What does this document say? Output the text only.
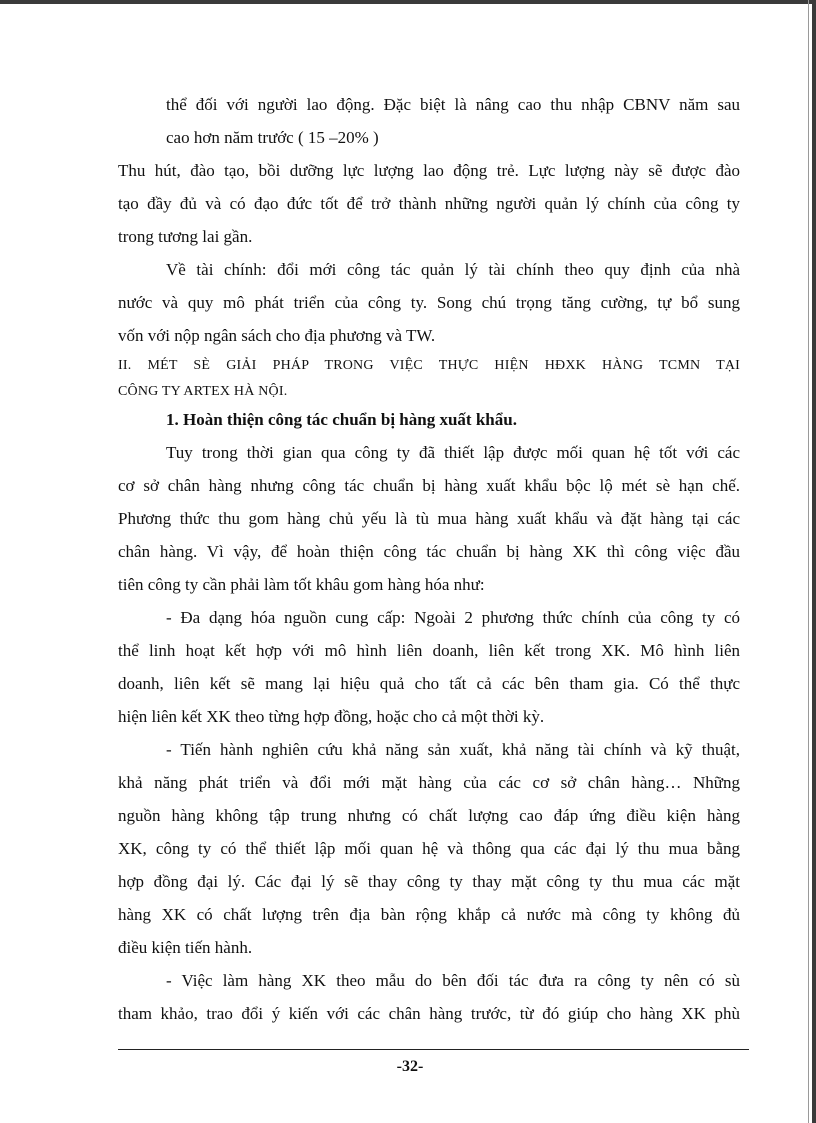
thể đối với người lao động. Đặc biệt là nâng cao thu nhập CBNV năm sau
cao hơn năm trước ( 15 –20% )
Thu hút, đào tạo, bồi dưỡng lực lượng lao động trẻ. Lực lượng này sẽ được đào
tạo đầy đủ và có đạo đức tốt để trở thành những người quản lý chính của công ty
trong tương lai gần.
Về tài chính: đổi mới công tác quản lý tài chính theo quy định của nhà
nước và quy mô phát triển của công ty. Song chú trọng tăng cường, tự bổ sung
vốn với nộp ngân sách cho địa phương và TW.
II. MÉT SÈ GIẢI PHÁP TRONG VIỆC THỰC HIỆN HĐXK HÀNG TCMN TẠI
CÔNG TY ARTEX HÀ NỘI.
1. Hoàn thiện công tác chuẩn bị hàng xuất khẩu.
Tuy trong thời gian qua công ty đã thiết lập được mối quan hệ tốt với các
cơ sở chân hàng nhưng công tác chuẩn bị hàng xuất khẩu bộc lộ mét sè hạn chế.
Phương thức thu gom hàng chủ yếu là tù mua hàng xuất khẩu và đặt hàng tại các
chân hàng. Vì vậy, để hoàn thiện công tác chuẩn bị hàng XK thì công việc đầu
tiên công ty cần phải làm tốt khâu gom hàng hóa như:
- Đa dạng hóa nguồn cung cấp: Ngoài 2 phương thức chính của công ty có
thể linh hoạt kết hợp với mô hình liên doanh, liên kết trong XK. Mô hình liên
doanh, liên kết sẽ mang lại hiệu quả cho tất cả các bên tham gia. Có thể thực
hiện liên kết XK theo từng hợp đồng, hoặc cho cả một thời kỳ.
- Tiến hành nghiên cứu khả năng sản xuất, khả năng tài chính và kỹ thuật,
khả năng phát triển và đổi mới mặt hàng của các cơ sở chân hàng… Những
nguồn hàng không tập trung nhưng có chất lượng cao đáp ứng điều kiện hàng
XK, công ty có thể thiết lập mối quan hệ và thông qua các đại lý thu mua bằng
hợp đồng đại lý. Các đại lý sẽ thay công ty thay mặt công ty thu mua các mặt
hàng XK có chất lượng trên địa bàn rộng khắp cả nước mà công ty không đủ
điều kiện tiến hành.
- Việc làm hàng XK theo mẫu do bên đối tác đưa ra công ty nên có sù
tham khảo, trao đổi ý kiến với các chân hàng trước, từ đó giúp cho hàng XK phù
-32-
